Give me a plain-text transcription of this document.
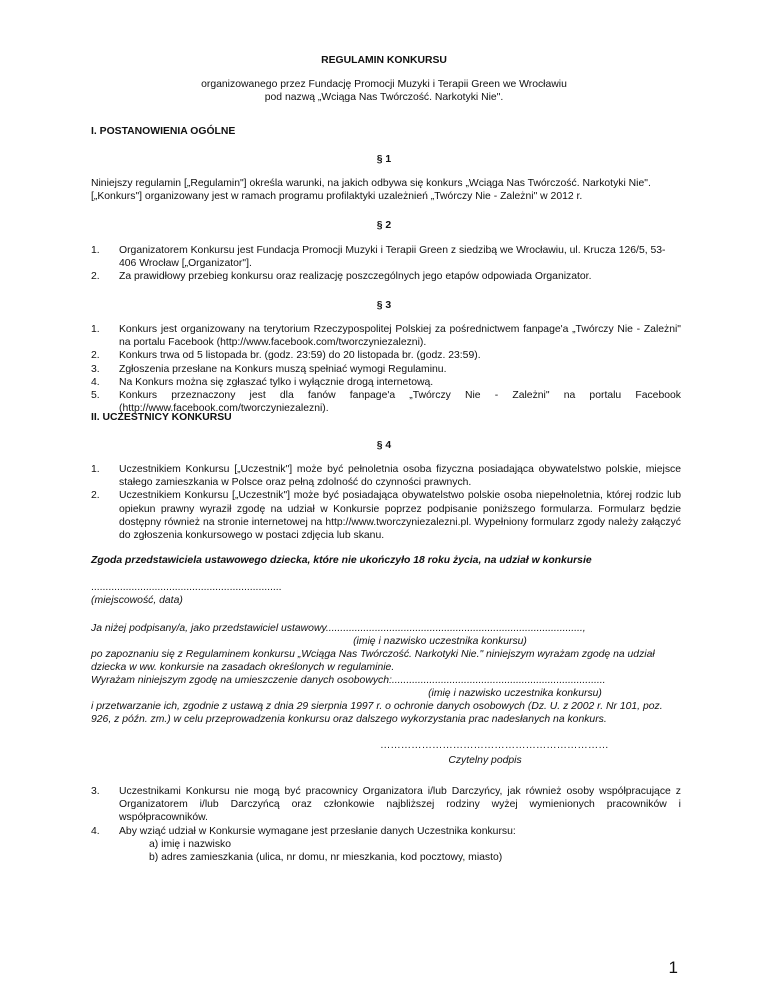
REGULAMIN KONKURSU
organizowanego przez Fundację Promocji Muzyki i Terapii Green we Wrocławiu
pod nazwą „Wciąga Nas Twórczość. Narkotyki Nie".
I. POSTANOWIENIA OGÓLNE
§ 1
Niniejszy regulamin [„Regulamin"] określa warunki, na jakich odbywa się konkurs „Wciąga Nas Twórczość. Narkotyki Nie". [„Konkurs"] organizowany jest w ramach programu profilaktyki uzależnień „Twórczy Nie - Zależni" w 2012 r.
§ 2
1. Organizatorem Konkursu jest Fundacja Promocji Muzyki i Terapii Green z siedzibą we Wrocławiu, ul. Krucza 126/5, 53-406 Wrocław [„Organizator"].
2. Za prawidłowy przebieg konkursu oraz realizację poszczególnych jego etapów odpowiada Organizator.
§ 3
1. Konkurs jest organizowany na terytorium Rzeczypospolitej Polskiej za pośrednictwem fanpage'a „Twórczy Nie - Zależni" na portalu Facebook (http://www.facebook.com/tworczyniezalezni).
2. Konkurs trwa od 5 listopada br. (godz. 23:59) do 20 listopada br. (godz. 23:59).
3. Zgłoszenia przesłane na Konkurs muszą spełniać wymogi Regulaminu.
4. Na Konkurs można się zgłaszać tylko i wyłącznie drogą internetową.
5. Konkurs przeznaczony jest dla fanów fanpage'a „Twórczy Nie - Zależni" na portalu Facebook (http://www.facebook.com/tworczyniezalezni).
II. UCZESTNICY KONKURSU
§ 4
1. Uczestnikiem Konkursu [„Uczestnik"] może być pełnoletnia osoba fizyczna posiadająca obywatelstwo polskie, miejsce stałego zamieszkania w Polsce oraz pełną zdolność do czynności prawnych.
2. Uczestnikiem Konkursu [„Uczestnik"] może być posiadająca obywatelstwo polskie osoba niepełnoletnia, której rodzic lub opiekun prawny wyraził zgodę na udział w Konkursie poprzez podpisanie poniższego formularza. Formularz będzie dostępny również na stronie internetowej na http://www.tworczyniezalezni.pl. Wypełniony formularz zgody należy załączyć do zgłoszenia konkursowego w postaci zdjęcia lub skanu.
Zgoda przedstawiciela ustawowego dziecka, które nie ukończyło 18 roku życia, na udział w konkursie
..................................................................
(miejscowość, data)
Ja niżej podpisany/a, jako przedstawiciel ustawowy.........................................................................................,
(imię i nazwisko uczestnika konkursu)
po zapoznaniu się z Regulaminem konkursu „Wciąga Nas Twórczość. Narkotyki Nie." niniejszym wyrażam zgodę na udział dziecka w ww. konkursie na zasadach określonych w regulaminie.
Wyrażam niniejszym zgodę na umieszczenie danych osobowych:..........................................................................
(imię i nazwisko uczestnika konkursu)
i przetwarzanie ich, zgodnie z ustawą z dnia 29 sierpnia 1997 r. o ochronie danych osobowych (Dz. U. z 2002 r. Nr 101, poz. 926, z późn. zm.) w celu przeprowadzenia konkursu oraz dalszego wykorzystania prac nadesłanych na konkurs.
…………………………………………………………
Czytelny podpis
3. Uczestnikami Konkursu nie mogą być pracownicy Organizatora i/lub Darczyńcy, jak również osoby współpracujące z Organizatorem i/lub Darczyńcą oraz członkowie najbliższej rodziny wyżej wymienionych pracowników i współpracowników.
4. Aby wziąć udział w Konkursie wymagane jest przesłanie danych Uczestnika konkursu:
a) imię i nazwisko
b) adres zamieszkania (ulica, nr domu, nr mieszkania, kod pocztowy, miasto)
1
